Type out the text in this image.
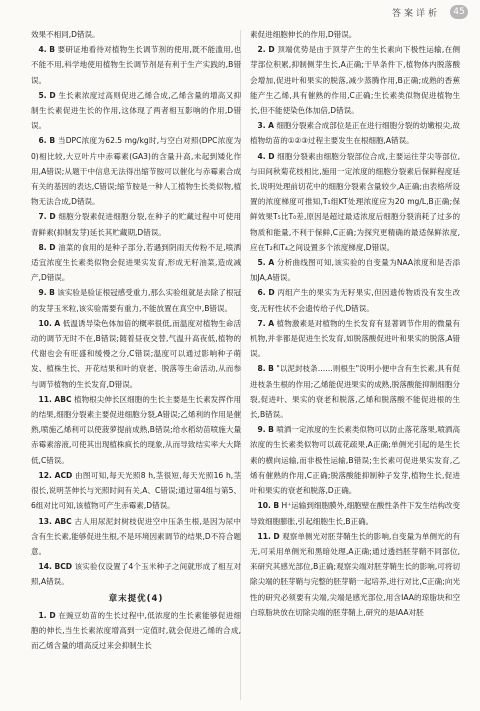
答案详析	45

效果不相同,D错误。

4. B 要研证地看待对植物生长调节剂的使用,既不能滥用,也不能不用,科学地使用植物生长调节剂是有利于生产实践的,B错误。

5. D 生长素浓度过高则促进乙烯合成,乙烯含量的增高又抑制生长素促进生长的作用,这体现了两者相互影响的作用,D错误。

6. B 当DPC浓度为62.5 mg/kg时,与空白对照(DPC浓度为0)相比较,大豆叶片中赤霉素(GA3)的含量升高,未起到矮化作用,A错误;从题干中信息无法得出缩节胺可以催化与赤霉素合成有关的基因的表达,C错误;缩节胺是一种人工植物生长类似物,植物无法合成,D错误。

7. D 细胞分裂素促进细胞分裂,在种子的贮藏过程中可使用青鲜素(抑制发芽)延长其贮藏期,D错误。

8. D 油菜的食用的是种子部分,若遇到阴雨天传粉不足,喷洒适宜浓度生长素类似物会促进果实发育,形成无籽油菜,造成减产,D错误。

9. B 该实验是验证根冠感受重力,那么实验组就是去除了根冠的发芽玉米粒,该实验需要有重力,不能放置在真空中,B错误。

10. A 低温诱导染色体加倍的概率很低,而温度对植物生命活动的调节无时不在,B错误;随着昼夜交替,气温升高夜低,植物的代谢也会有旺盛和缓慢之分,C错误;温度可以通过影响种子萌发、植株生长、开花结果和叶的衰老、脱落等生命活动,从而参与调节植物的生长发育,D错误。

11. ABC 植物根尖伸长区细胞的生长主要是生长素发挥作用的结果,细胞分裂素主要促进细胞分裂,A错误;乙烯利的作用是催熟,喷施乙烯利可以使菠萝提前成熟,B错误;给水稻幼苗喷施大量赤霉素溶液,可使其出现植株疯长的现象,从而导致结实率大大降低,C错误。

12. ACD 由图可知,每天光照8 h,茎很短,每天光照16 h,茎很长,说明茎伸长与光照时间有关,A、C错误;通过第4组与第5、6组对比可知,该植物可产生赤霉素,D错误。

13. ABC 古人用尿泥封树枝促进空中压条生根,是因为尿中含有生长素,能够促进生根,不是环境因素调节的结果,D不符合题意。

14. BCD 该实验仅设置了4个玉米种子之间就形成了相互对照,A错误。

章末提优(4)

1. D 在豌豆幼苗的生长过程中,低浓度的生长素能够促进细胞的伸长,当生长素浓度增高到一定值时,就会促进乙烯的合成,而乙烯含量的增高反过来会抑制生长

素促进细胞伸长的作用,D错误。

2. D 顶端优势是由于顶芽产生的生长素向下极性运输,在侧芽部位积累,抑制侧芽生长,A正确;干旱条件下,植物体内脱落酸会增加,促进叶和果实的脱落,减少蒸腾作用,B正确;成熟的香蕉能产生乙烯,具有催熟的作用,C正确;生长素类似物促进植物生长,但不能使染色体加倍,D错误。

3. A 细胞分裂素合成部位是正在进行细胞分裂的幼嫩根尖,故植物幼苗的①②③过程主要发生在根细胞,A错误。

4. D 细胞分裂素由细胞分裂部位合成,主要运往芽尖等部位,与田间秋菊花枝相比,施用一定浓度的细胞分裂素后保鲜程度延长,说明处理前切花中的细胞分裂素含量较少,A正确;由表格所设置的浓度梯度可推知,T₁组KT处理浓度应为20 mg/L,B正确;保鲜效果T₅比T₀差,原因是超过最适浓度后细胞分裂消耗了过多的物质和能量,不利于保鲜,C正确;为探究更精确的最适保鲜浓度,应在T₂和T₄之间设置多个浓度梯度,D错误。

5. A 分析曲线图可知,该实验的自变量为NAA浓度和是否添加JA,A错误。

6. D 丙组产生的果实为无籽果实,但因遗传物质没有发生改变,无籽性状不会遗传给子代,D错误。

7. A 植物激素是对植物的生长发育有显著调节作用的微量有机物,并非都是促进生长发育,如脱落酸促进叶和果实的脱落,A错误。

8. B "以泥封枝条……则根生"说明小便中含有生长素,具有促进枝条生根的作用;乙烯能促进果实的成熟,脱落酸能抑制细胞分裂,促进叶、果实的衰老和脱落,乙烯和脱落酸不能促进根的生长,B错误。

9. B 喷洒一定浓度的生长素类似物可以防止落花落果,喷洒高浓度的生长素类似物可以疏花疏果,A正确;单侧光引起的是生长素的横向运输,而非极性运输,B错误;生长素可促进果实发育,乙烯有催熟的作用,C正确;脱落酸能抑制种子发芽,植物生长,促进叶和果实的衰老和脱落,D正确。

10. B H⁺运输到细胞膜外,细胞壁在酸性条件下发生结构改变导致细胞膨胀,引起细胞生长,B正确。

11. D 观察单侧光对胚芽鞘生长的影响,自变量为单侧光的有无,可采用单侧光和黑暗处理,A正确;通过透挡胚芽鞘不同部位,来研究其感光部位,B正确;观察尖端对胚芽鞘生长的影响,可将切除尖端的胚芽鞘与完整的胚芽鞘一起培养,进行对比,C正确;向光性的研究必须要有尖端,尖端是感光部位,用含IAA的琼脂块和空白琼脂块放在切除尖端的胚芽鞘上,研究的是IAA对胚
